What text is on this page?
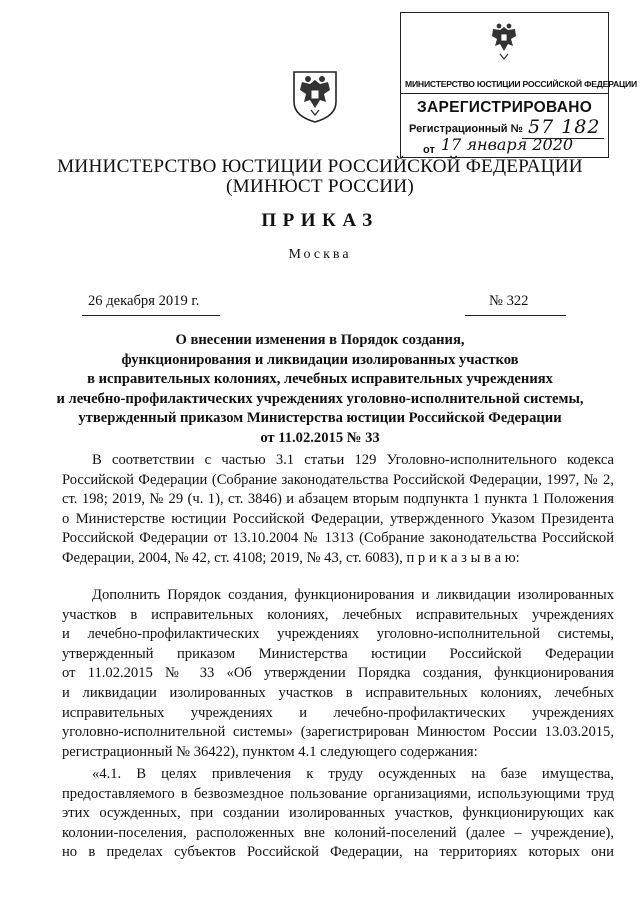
МИНИСТЕРСТВО ЮСТИЦИИ РОССИЙСКОЙ ФЕДЕРАЦИИ
ЗАРЕГИСТРИРОВАНО
Регистрационный № 57 182
от 17 января 2020
МИНИСТЕРСТВО ЮСТИЦИИ РОССИЙСКОЙ ФЕДЕРАЦИИ
(МИНЮСТ РОССИИ)
ПРИКАЗ
Москва
26 декабря 2019 г.	№ 322
О внесении изменения в Порядок создания,
функционирования и ликвидации изолированных участков
в исправительных колониях, лечебных исправительных учреждениях
и лечебно-профилактических учреждениях уголовно-исполнительной системы,
утвержденный приказом Министерства юстиции Российской Федерации
от 11.02.2015 № 33
В соответствии с частью 3.1 статьи 129 Уголовно-исполнительного кодекса
Российской Федерации (Собрание законодательства Российской Федерации, 1997, № 2,
ст. 198; 2019, № 29 (ч. 1), ст. 3846) и абзацем вторым подпункта 1 пункта 1 Положения
о Министерстве юстиции Российской Федерации, утвержденного Указом Президента
Российской Федерации от 13.10.2004 № 1313 (Собрание законодательства Российской
Федерации, 2004, № 42, ст. 4108; 2019, № 43, ст. 6083), п р и к а з ы в а ю:
Дополнить Порядок создания, функционирования и ликвидации изолированных
участков в исправительных колониях, лечебных исправительных учреждениях
и лечебно-профилактических учреждениях уголовно-исполнительной системы,
утвержденный приказом Министерства юстиции Российской Федерации
от 11.02.2015 № 33 «Об утверждении Порядка создания, функционирования
и ликвидации изолированных участков в исправительных колониях, лечебных
исправительных учреждениях и лечебно-профилактических учреждениях
уголовно-исполнительной системы» (зарегистрирован Минюстом России 13.03.2015,
регистрационный № 36422), пунктом 4.1 следующего содержания:
«4.1. В целях привлечения к труду осужденных на базе имущества,
предоставляемого в безвозмездное пользование организациями, использующими труд
этих осужденных, при создании изолированных участков, функционирующих как
колонии-поселения, расположенных вне колоний-поселений (далее – учреждение),
но в пределах субъектов Российской Федерации, на территориях которых они
